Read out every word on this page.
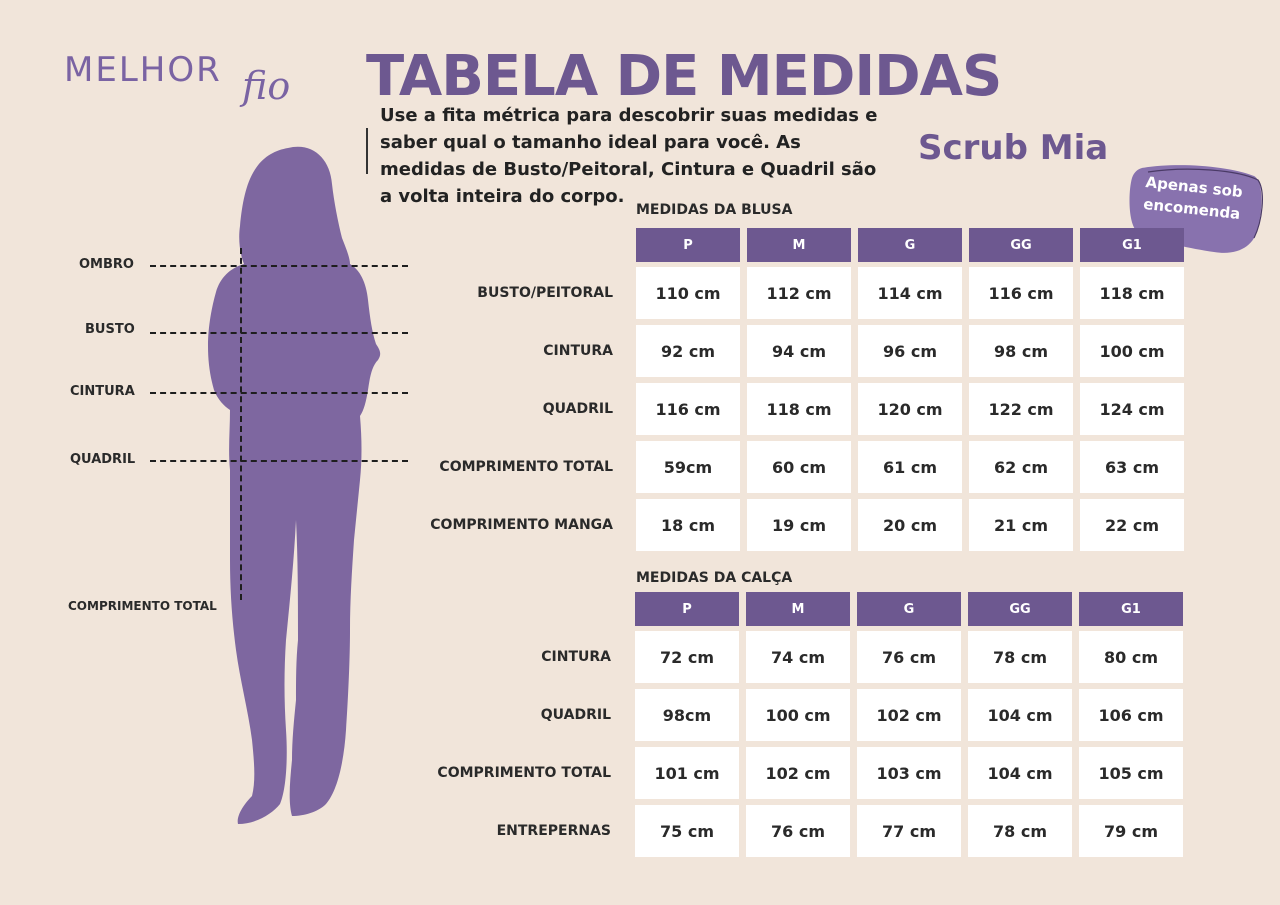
MELHOR fio TABELA DE MEDIDAS
Use a fita métrica para descobrir suas medidas e saber qual o tamanho ideal para você. As medidas de Busto/Peitoral, Cintura e Quadril são a volta inteira do corpo.
Scrub Mia
Apenas sob encomenda
OMBRO
BUSTO
CINTURA
QUADRIL
COMPRIMENTO TOTAL
MEDIDAS DA BLUSA
P	M	G	GG	G1
BUSTO/PEITORAL	110 cm	112 cm	114 cm	116 cm	118 cm
CINTURA	92 cm	94 cm	96 cm	98 cm	100 cm
QUADRIL	116 cm	118 cm	120 cm	122 cm	124 cm
COMPRIMENTO TOTAL	59cm	60 cm	61 cm	62 cm	63 cm
COMPRIMENTO MANGA	18 cm	19 cm	20 cm	21 cm	22 cm
MEDIDAS DA CALÇA
P	M	G	GG	G1
CINTURA	72 cm	74 cm	76 cm	78 cm	80 cm
QUADRIL	98cm	100 cm	102 cm	104 cm	106 cm
COMPRIMENTO TOTAL	101 cm	102 cm	103 cm	104 cm	105 cm
ENTREPERNAS	75 cm	76 cm	77 cm	78 cm	79 cm
